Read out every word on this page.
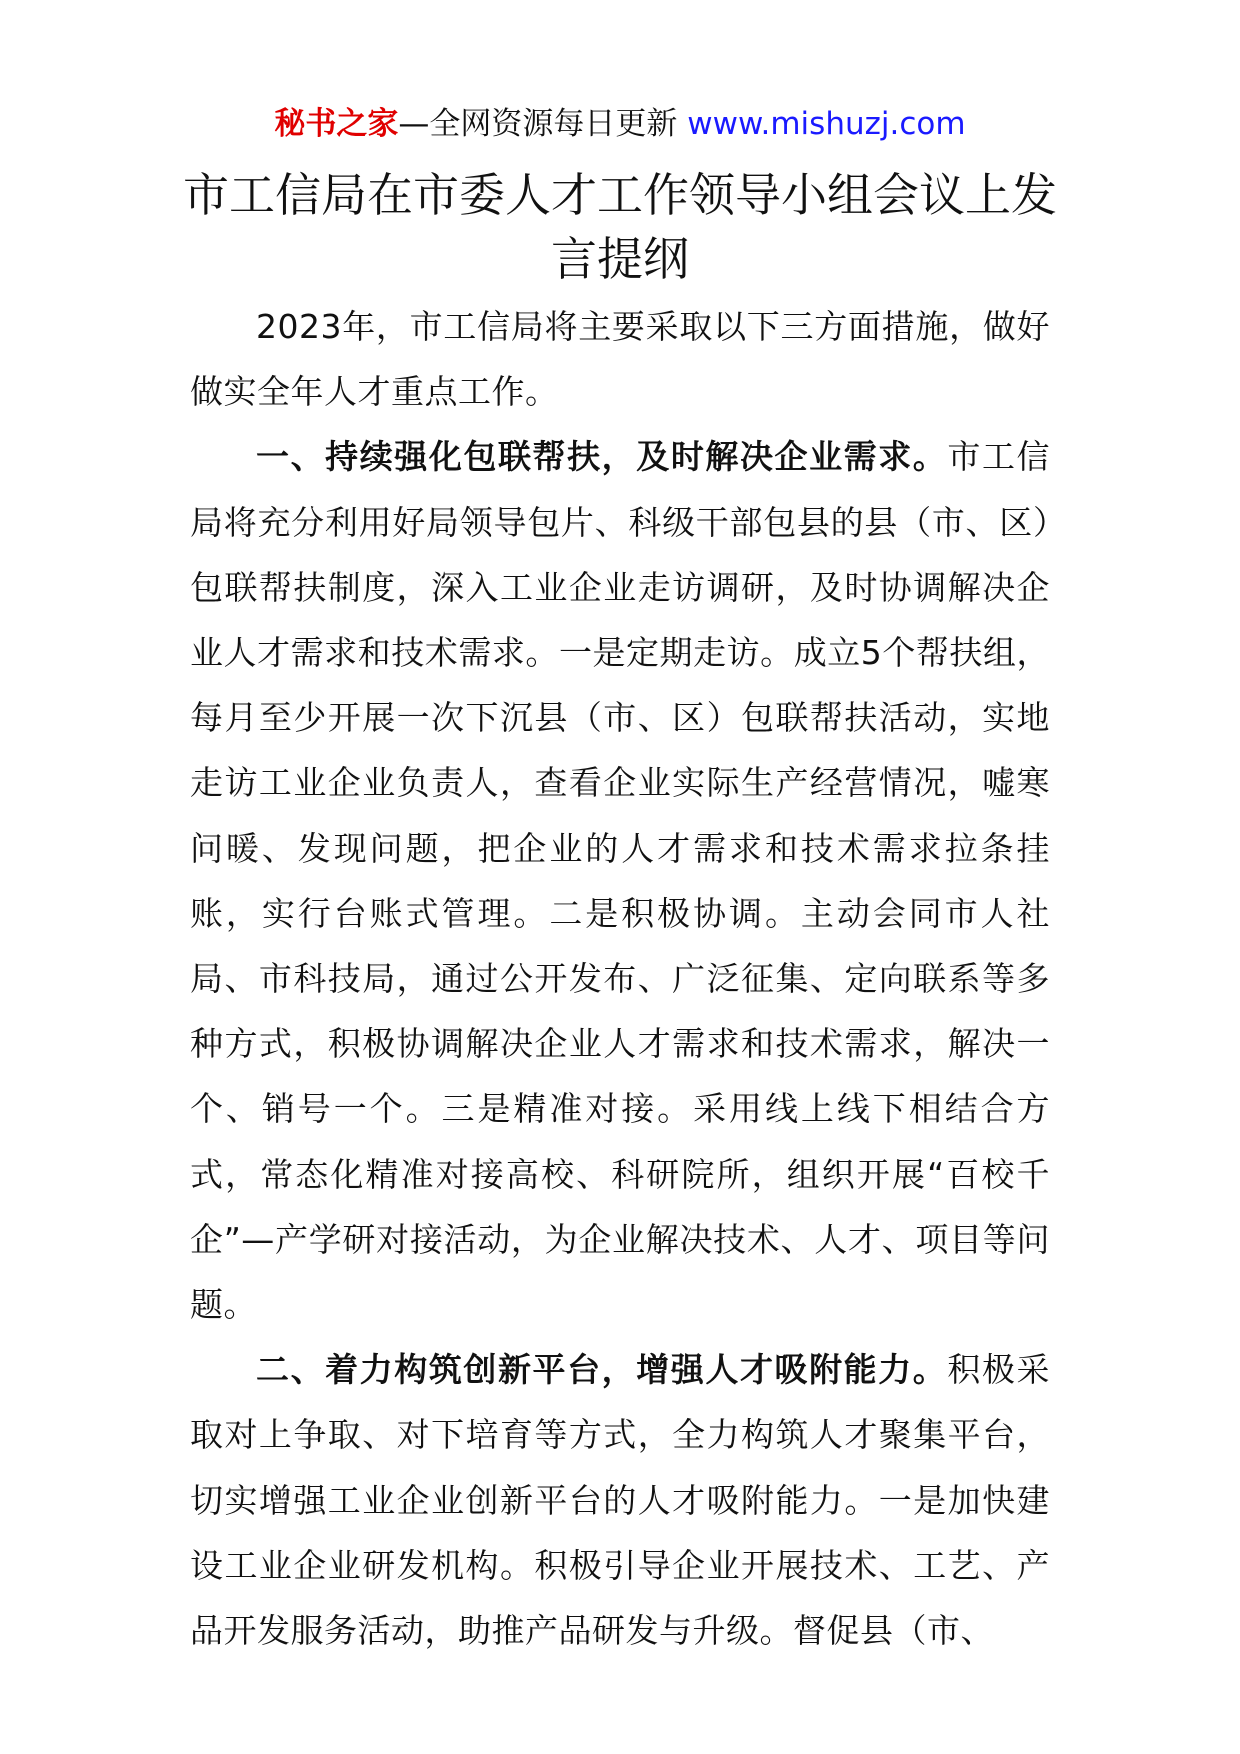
秘书之家—全网资源每日更新 www.mishuzj.com
市工信局在市委人才工作领导小组会议上发言提纲

2023年，市工信局将主要采取以下三方面措施，做好做实全年人才重点工作。

一、持续强化包联帮扶，及时解决企业需求。市工信局将充分利用好局领导包片、科级干部包县的县（市、区）包联帮扶制度，深入工业企业走访调研，及时协调解决企业人才需求和技术需求。一是定期走访。成立5个帮扶组，每月至少开展一次下沉县（市、区）包联帮扶活动，实地走访工业企业负责人，查看企业实际生产经营情况，嘘寒问暖、发现问题，把企业的人才需求和技术需求拉条挂账，实行台账式管理。二是积极协调。主动会同市人社局、市科技局，通过公开发布、广泛征集、定向联系等多种方式，积极协调解决企业人才需求和技术需求，解决一个、销号一个。三是精准对接。采用线上线下相结合方式，常态化精准对接高校、科研院所，组织开展“百校千企”—产学研对接活动，为企业解决技术、人才、项目等问题。

二、着力构筑创新平台，增强人才吸附能力。积极采取对上争取、对下培育等方式，全力构筑人才聚集平台，切实增强工业企业创新平台的人才吸附能力。一是加快建设工业企业研发机构。积极引导企业开展技术、工艺、产品开发服务活动，助推产品研发与升级。督促县（市、
